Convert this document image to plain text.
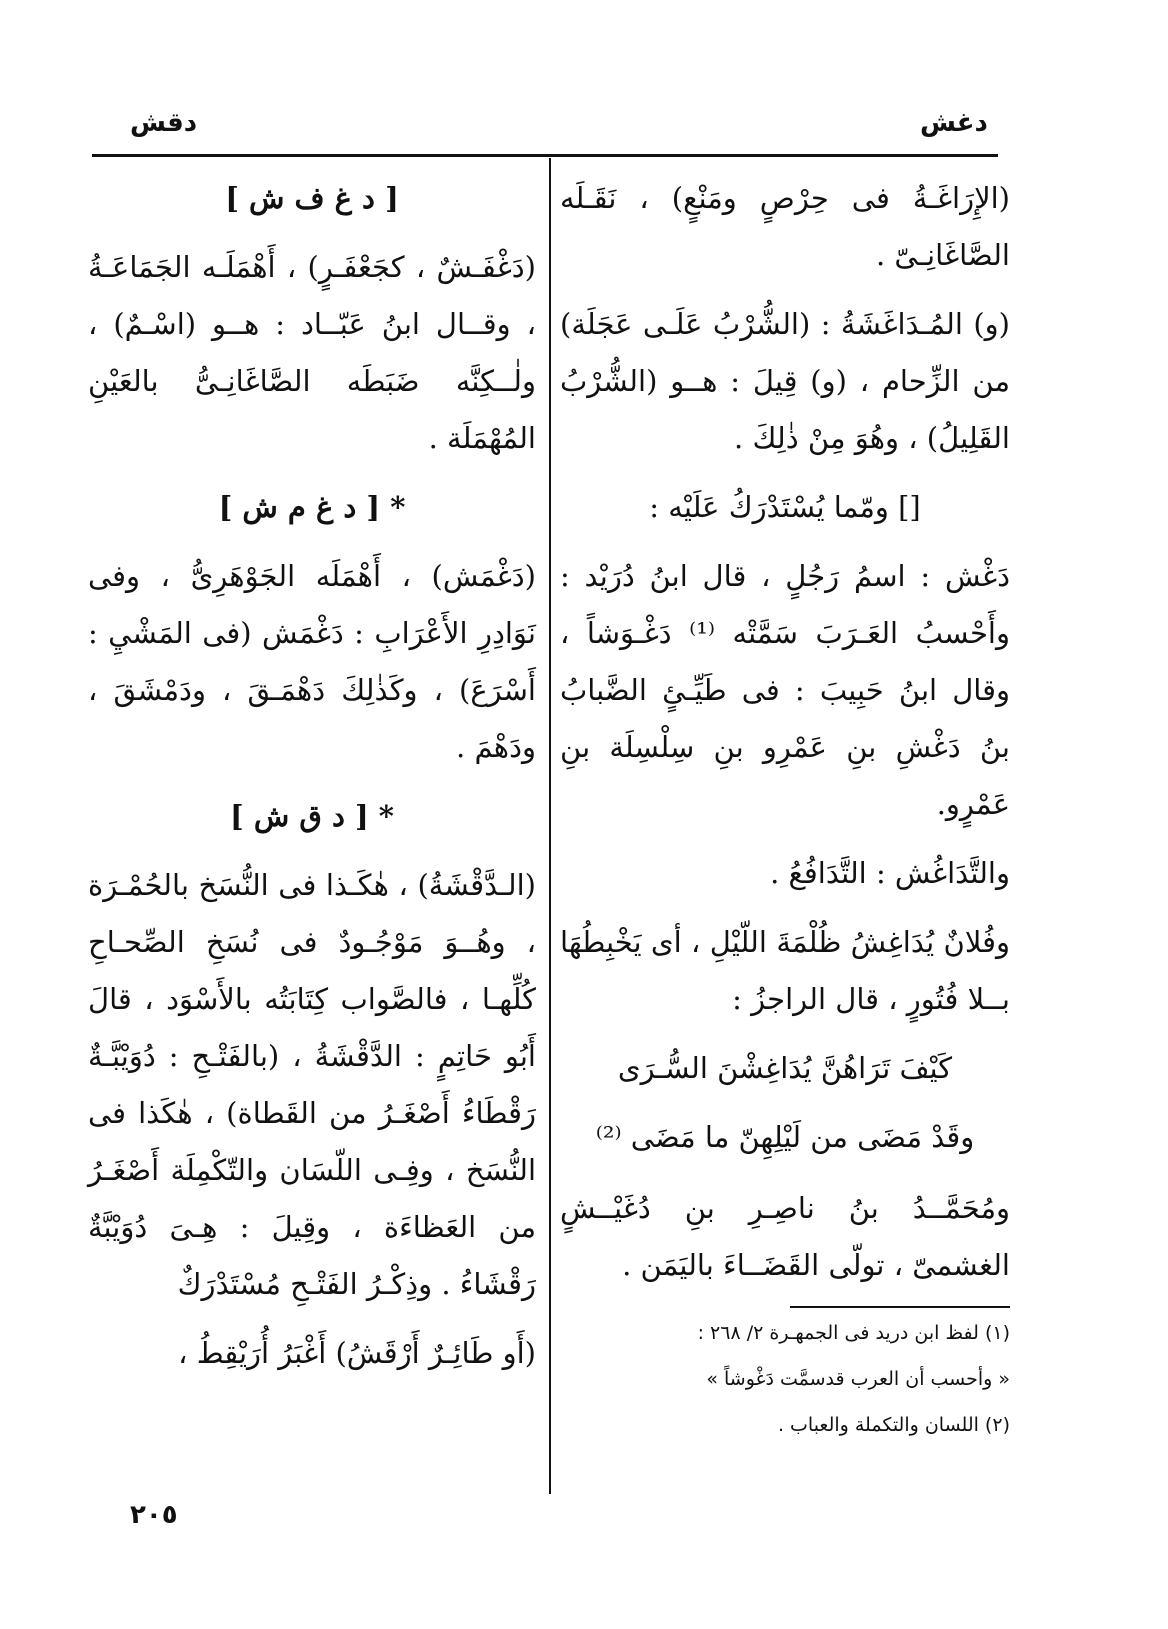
دغش
دقش

(الإِرَاغَـةُ فى حِرْصٍ ومَنْعٍ) ، نَقَـلَه الصَّاغَانِـىّ .

(و) المُـدَاغَشَةُ : (الشُّرْبُ عَلَـى عَجَلَة) من الزِّحام ، (و) قِيلَ : هــو (الشُّرْبُ القَلِيلُ) ، وهُوَ مِنْ ذٰلِكَ .

[] ومّما يُسْتَدْرَكُ عَلَيْه :

دَغْش : اسمُ رَجُلٍ ، قال ابنُ دُرَيْد : وأَحْسبُ العَـرَبَ سَمَّتْه ⁽¹⁾ دَغْـوَشاً ، وقال ابنُ حَبِيبَ : فى طَيِّـئٍ الضَّبابُ بنُ دَغْشِ بنِ عَمْرِو بنِ سِلْسِلَة بنِ عَمْرٍو.

والتَّدَاغُش : التَّدَافُعُ .

وفُلانٌ يُدَاغِشُ ظُلْمَةَ اللّيْلِ ، أى يَخْبِطُهَا بــلا فُتُورٍ ، قال الراجزُ :

كَيْفَ تَرَاهُنَّ يُدَاغِشْنَ السُّـرَى

وقَدْ مَضَى من لَيْلِهِنّ ما مَضَى ⁽²⁾

ومُحَمَّــدُ بنُ ناصِـرِ بنِ دُغَيْــشٍ الغشمىّ ، تولّى القَضَــاءَ باليَمَن .

(١) لفظ ابن دريد فى الجمهـرة ٢/ ٢٦٨ :

« وأحسب أن العرب قدسمَّت دَغْوشاً »

(٢) اللسان والتكملة والعباب .

[ د غ ف ش ]

(دَغْفَـشٌ ، كجَعْفَـرٍ) ، أَهْمَلَـه الجَمَاعَـةُ ، وقــال ابنُ عَبّــاد : هــو (اسْـمٌ) ، ولٰــكِنَّه ضَبَطَه الصَّاغَانِـىُّ بالعَيْنِ المُهْمَلَة .

* [ د غ م ش ]

(دَغْمَش) ، أَهْمَلَه الجَوْهَرِىُّ ، وفى نَوَادِرِ الأَعْرَابِ : دَغْمَش (فى المَشْيِ : أَسْرَعَ) ، وكَذٰلِكَ دَهْمَـقَ ، ودَمْشَقَ ، ودَهْمَ .

* [ د ق ش ]

(الـدَّقْشَةُ) ، هٰكَـذا فى النُّسَخ بالحُمْـرَة ، وهُــوَ مَوْجُـودٌ فى نُسَخِ الصِّحـاحِ كُلِّهـا ، فالصَّواب كِتَابَتُه بالأَسْوَد ، قالَ أَبُو حَاتِمٍ : الدَّقْشَةُ ، (بالفَتْـحِ : دُوَيْبَّـةٌ رَقْطَاءُ أَصْغَـرُ من القَطاة) ، هٰكَذا فى النُّسَخ ، وفِـى اللّسَان والتّكْمِلَة أَصْغَـرُ من العَظاءَة ، وقِيلَ : هِـىَ دُوَيْبَّةٌ رَقْشَاءُ . وذِكْـرُ الفَتْـحِ مُسْتَدْرَكٌ

(أَو طَائِـرٌ أَرْقَشُ) أَغْبَرُ أُرَيْقِطُ ،

٢٠٥
